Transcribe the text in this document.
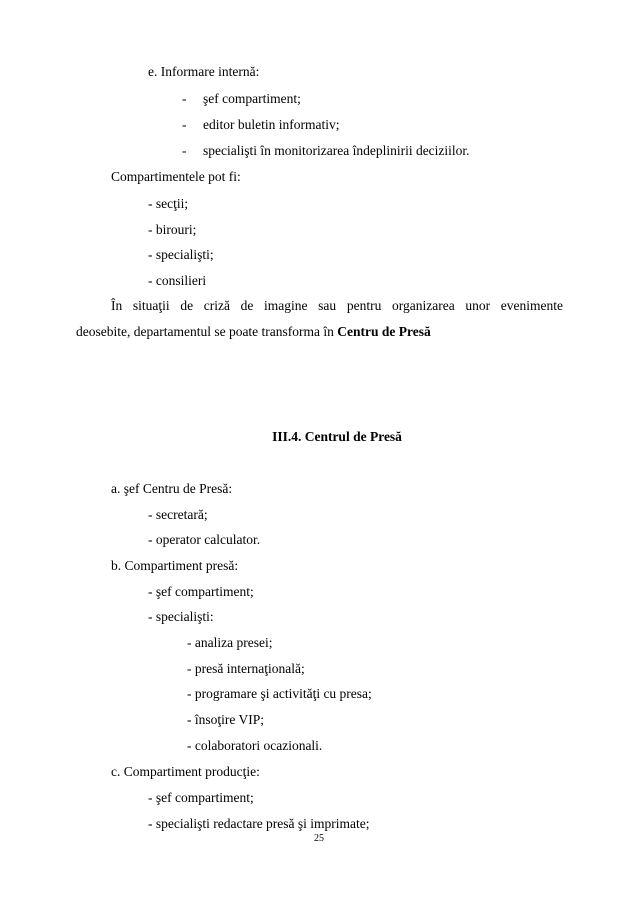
e. Informare internă:
- şef compartiment;
- editor buletin informativ;
- specialişti în monitorizarea îndeplinirii deciziilor.
Compartimentele pot fi:
- secţii;
- birouri;
- specialişti;
- consilieri
În situaţii de criză de imagine sau pentru organizarea unor evenimente
deosebite, departamentul se poate transforma în Centru de Presă
III.4. Centrul de Presă
a. şef Centru de Presă:
- secretară;
- operator calculator.
b. Compartiment presă:
- şef compartiment;
- specialişti:
- analiza presei;
- presă internaţională;
- programare şi activităţi cu presa;
- însoţire VIP;
- colaboratori ocazionali.
c. Compartiment producţie:
- şef compartiment;
- specialişti redactare presă şi imprimate;
25
